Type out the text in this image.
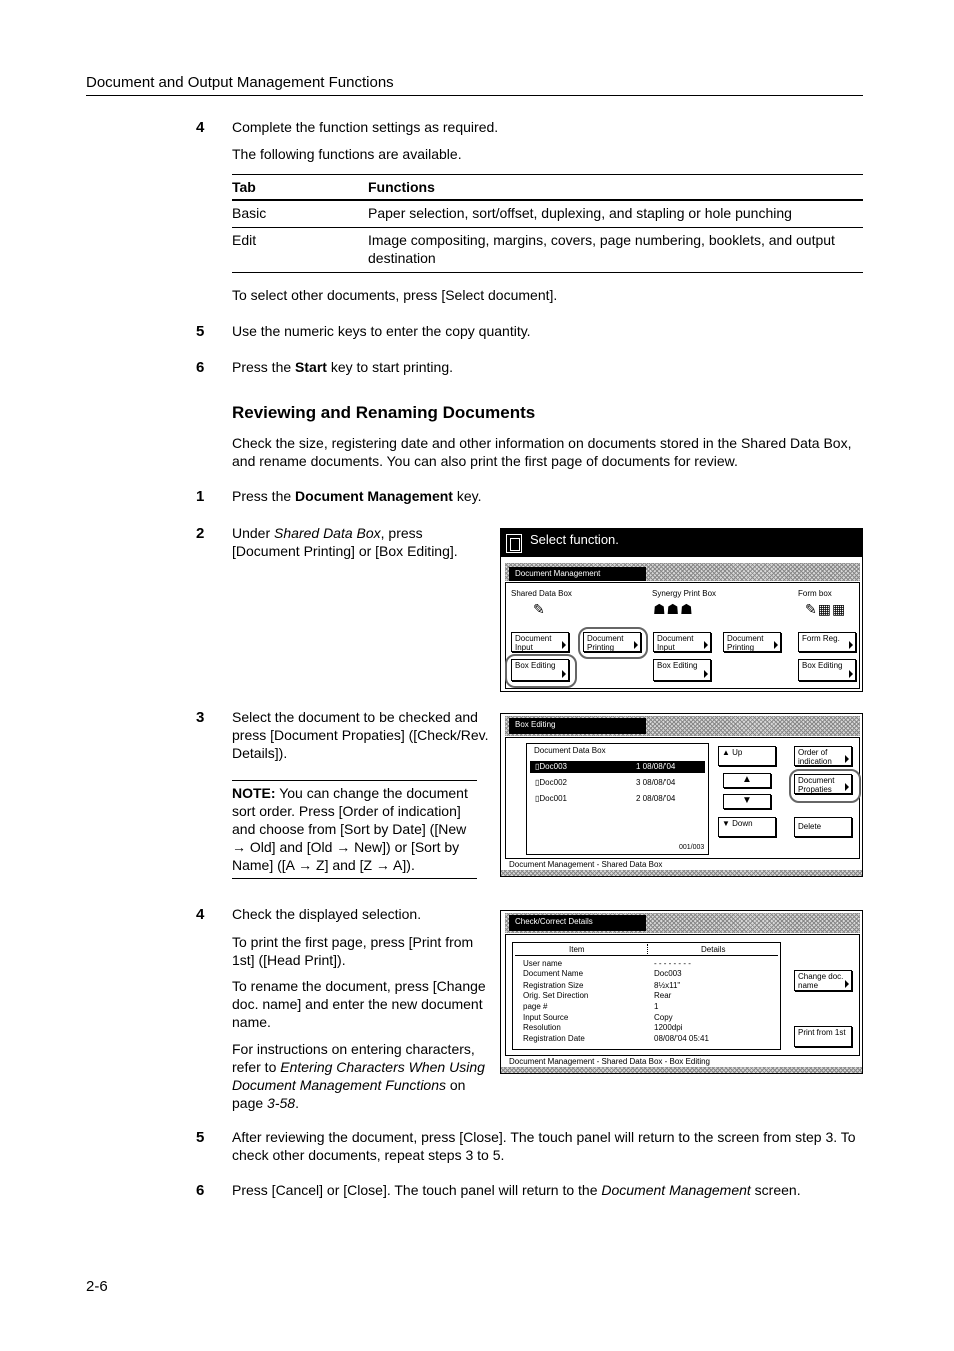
Document and Output Management Functions
4 Complete the function settings as required.
The following functions are available.
Tab	Functions
Basic	Paper selection, sort/offset, duplexing, and stapling or hole punching
Edit	Image compositing, margins, covers, page numbering, booklets, and output destination
To select other documents, press [Select document].
5 Use the numeric keys to enter the copy quantity.
6 Press the Start key to start printing.
Reviewing and Renaming Documents
Check the size, registering date and other information on documents stored in the Shared Data Box, and rename documents. You can also print the first page of documents for review.
1 Press the Document Management key.
2 Under Shared Data Box, press [Document Printing] or [Box Editing].
Select function.
08/08
Document Management
Shared Data Box	Synergy Print Box	Form box
✎	☗☗☗	✎▦▦
Document Input
Document Printing
Box Editing
Document Input
Document Printing
Box Editing
Form Reg.
Box Editing
3 Select the document to be checked and press [Document Propaties] ([Check/Rev. Details]).
NOTE: You can change the document sort order. Press [Order of indication] and choose from [Sort by Date] ([New → Old] and [Old → New]) or [Sort by Name] ([A → Z] and [Z → A]).
Box Editing
Document Data Box
▯Doc003	1 08/08/'04
▯Doc002	3 08/08/'04
▯Doc001	2 08/08/'04
001/003
▲ Up
▲
▼
▼ Down
Order of indication
Document Propaties
Delete
Document Management - Shared Data Box
4 Check the displayed selection.
To print the first page, press [Print from 1st] ([Head Print]).
To rename the document, press [Change doc. name] and enter the new document name.
For instructions on entering characters, refer to Entering Characters When Using Document Management Functions on page 3-58.
Check/Correct Details
Item	Details
User name	- - - - - - - -
Document Name	Doc003
Registration Size	8½x11"
Orig. Set Direction	Rear
page #	1
Input Source	Copy
Resolution	1200dpi
Registration Date	08/08/'04 05:41
Change doc. name
Print from 1st
Document Management - Shared Data Box - Box Editing
5 After reviewing the document, press [Close]. The touch panel will return to the screen from step 3. To check other documents, repeat steps 3 to 5.
6 Press [Cancel] or [Close]. The touch panel will return to the Document Management screen.
2-6
